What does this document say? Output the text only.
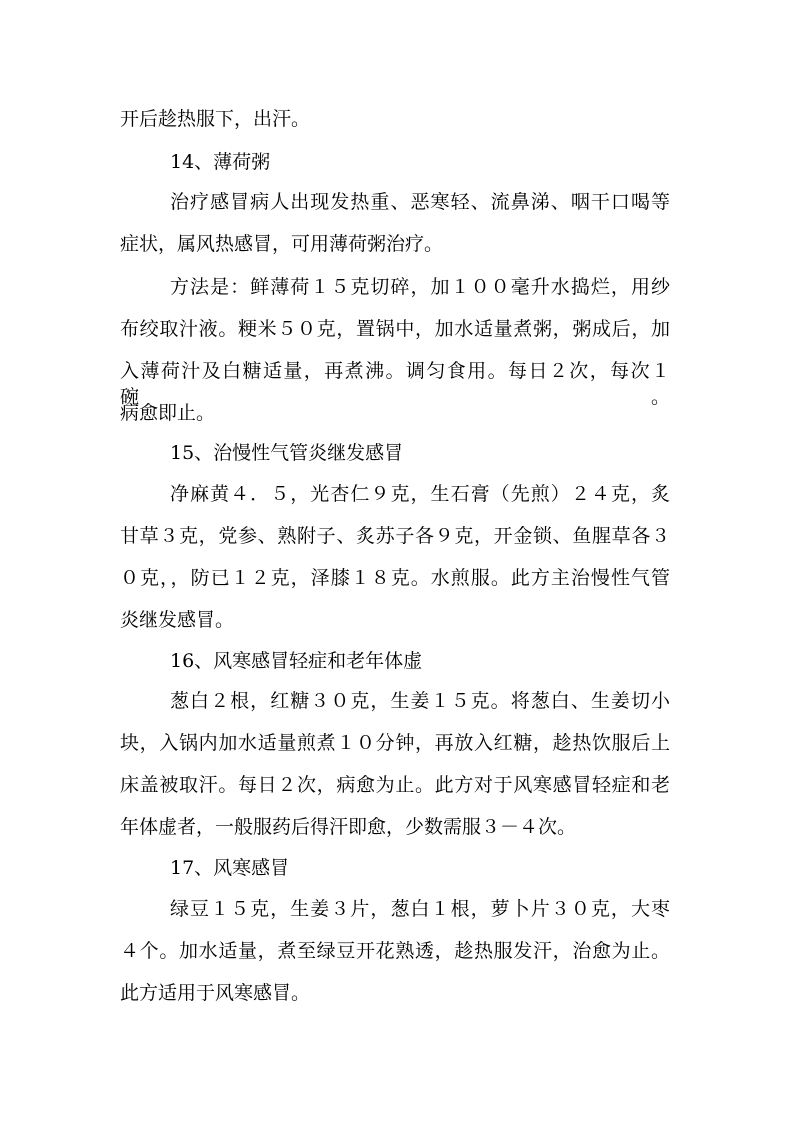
开后趁热服下，出汗。

14、薄荷粥

治疗感冒病人出现发热重、恶寒轻、流鼻涕、咽干口喝等

症状，属风热感冒，可用薄荷粥治疗。

方法是：鲜薄荷１５克切碎，加１００毫升水捣烂，用纱

布绞取汁液。粳米５０克，置锅中，加水适量煮粥，粥成后，加

入薄荷汁及白糖适量，再煮沸。调匀食用。每日２次，每次１碗。

病愈即止。

15、治慢性气管炎继发感冒

净麻黄４．５，光杏仁９克，生石膏（先煎）２４克，炙

甘草３克，党参、熟附子、炙苏子各９克，开金锁、鱼腥草各３

０克，，防已１２克，泽膝１８克。水煎服。此方主治慢性气管

炎继发感冒。

16、风寒感冒轻症和老年体虚

葱白２根，红糖３０克，生姜１５克。将葱白、生姜切小

块，入锅内加水适量煎煮１０分钟，再放入红糖，趁热饮服后上

床盖被取汗。每日２次，病愈为止。此方对于风寒感冒轻症和老

年体虚者，一般服药后得汗即愈，少数需服３－４次。

17、风寒感冒

绿豆１５克，生姜３片，葱白１根，萝卜片３０克，大枣

４个。加水适量，煮至绿豆开花熟透，趁热服发汗，治愈为止。

此方适用于风寒感冒。
